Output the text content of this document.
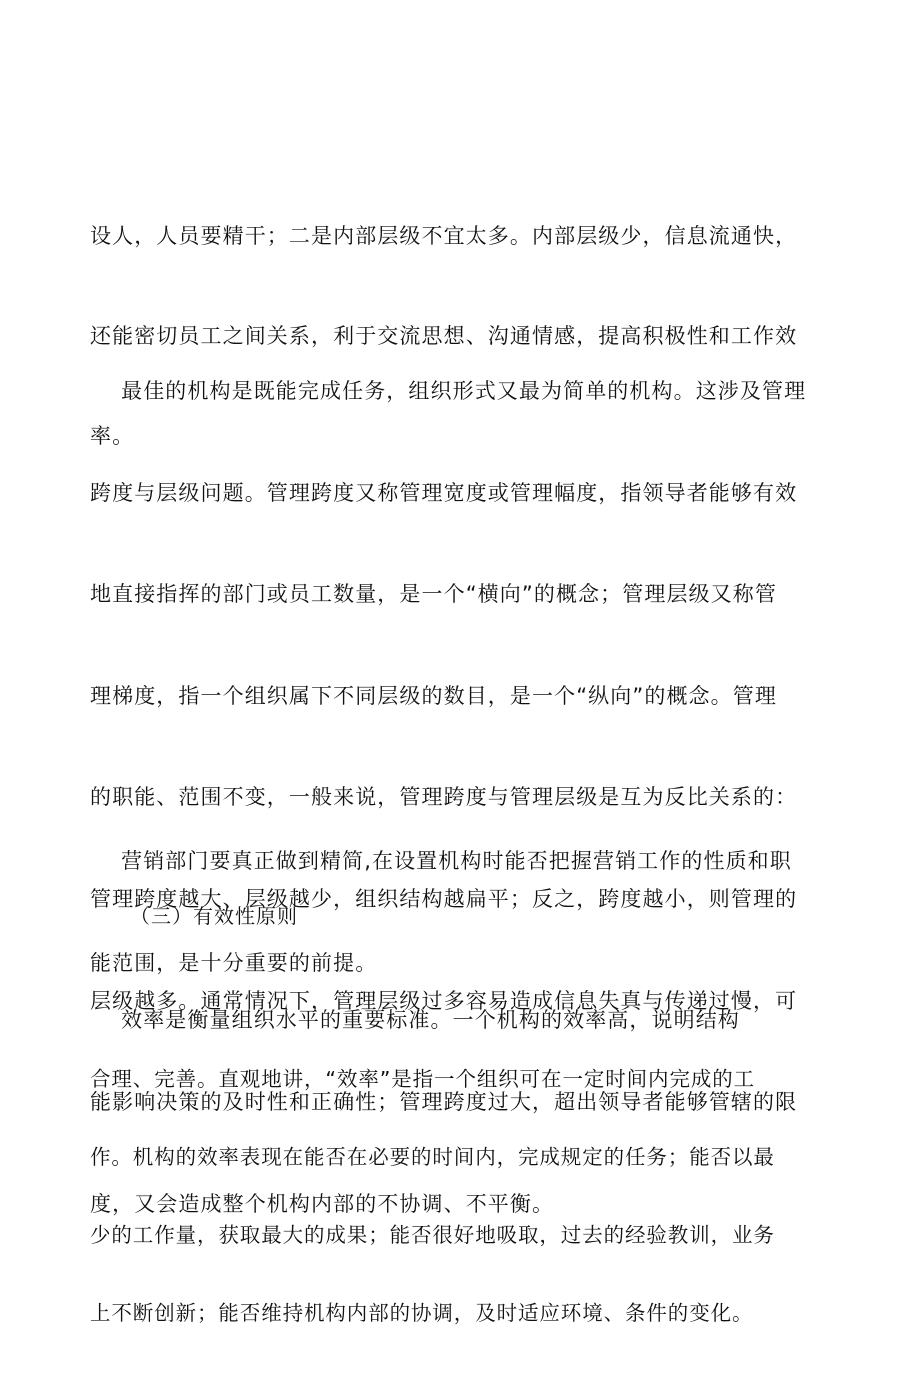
设人，人员要精干；二是内部层级不宜太多。内部层级少，信息流通快，

还能密切员工之间关系，利于交流思想、沟通情感，提高积极性和工作效

率。

最佳的机构是既能完成任务，组织形式又最为简单的机构。这涉及管理

跨度与层级问题。管理跨度又称管理宽度或管理幅度，指领导者能够有效

地直接指挥的部门或员工数量，是一个“横向”的概念；管理层级又称管

理梯度，指一个组织属下不同层级的数目，是一个“纵向”的概念。管理

的职能、范围不变，一般来说，管理跨度与管理层级是互为反比关系的：

管理跨度越大、层级越少，组织结构越扁平；反之，跨度越小，则管理的

层级越多。通常情况下，管理层级过多容易造成信息失真与传递过慢，可

能影响决策的及时性和正确性；管理跨度过大，超出领导者能够管辖的限

度，又会造成整个机构内部的不协调、不平衡。

营销部门要真正做到精简,在设置机构时能否把握营销工作的性质和职

能范围，是十分重要的前提。

（三）有效性原则

效率是衡量组织水平的重要标准。一个机构的效率高，说明结构

合理、完善。直观地讲，“效率”是指一个组织可在一定时间内完成的工

作。机构的效率表现在能否在必要的时间内，完成规定的任务；能否以最

少的工作量，获取最大的成果；能否很好地吸取，过去的经验教训，业务

上不断创新；能否维持机构内部的协调，及时适应环境、条件的变化。
